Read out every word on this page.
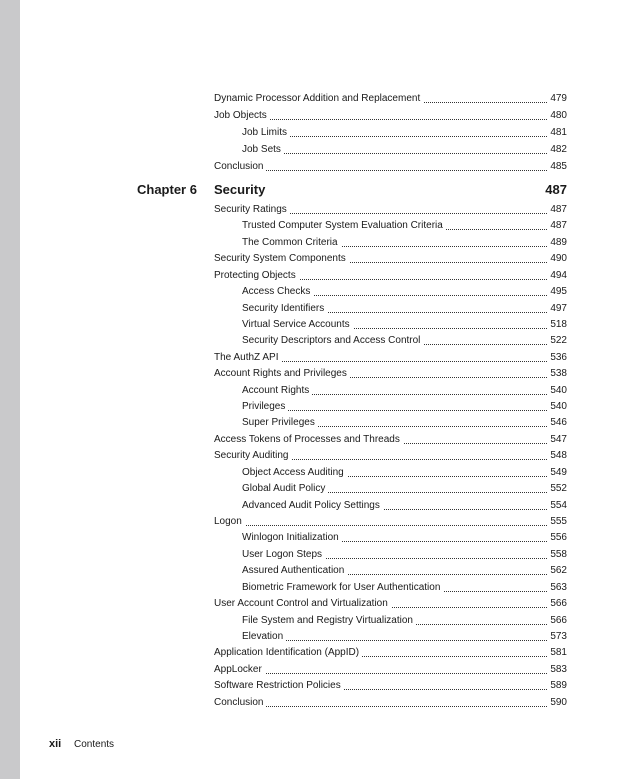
Dynamic Processor Addition and Replacement	479
Job Objects	480
Job Limits	481
Job Sets	482
Conclusion	485
Chapter 6 Security	487
Security Ratings	487
Trusted Computer System Evaluation Criteria	487
The Common Criteria	489
Security System Components	490
Protecting Objects	494
Access Checks	495
Security Identifiers	497
Virtual Service Accounts	518
Security Descriptors and Access Control	522
The AuthZ API	536
Account Rights and Privileges	538
Account Rights	540
Privileges	540
Super Privileges	546
Access Tokens of Processes and Threads	547
Security Auditing	548
Object Access Auditing	549
Global Audit Policy	552
Advanced Audit Policy Settings	554
Logon	555
Winlogon Initialization	556
User Logon Steps	558
Assured Authentication	562
Biometric Framework for User Authentication	563
User Account Control and Virtualization	566
File System and Registry Virtualization	566
Elevation	573
Application Identification (AppID)	581
AppLocker	583
Software Restriction Policies	589
Conclusion	590
xii Contents
